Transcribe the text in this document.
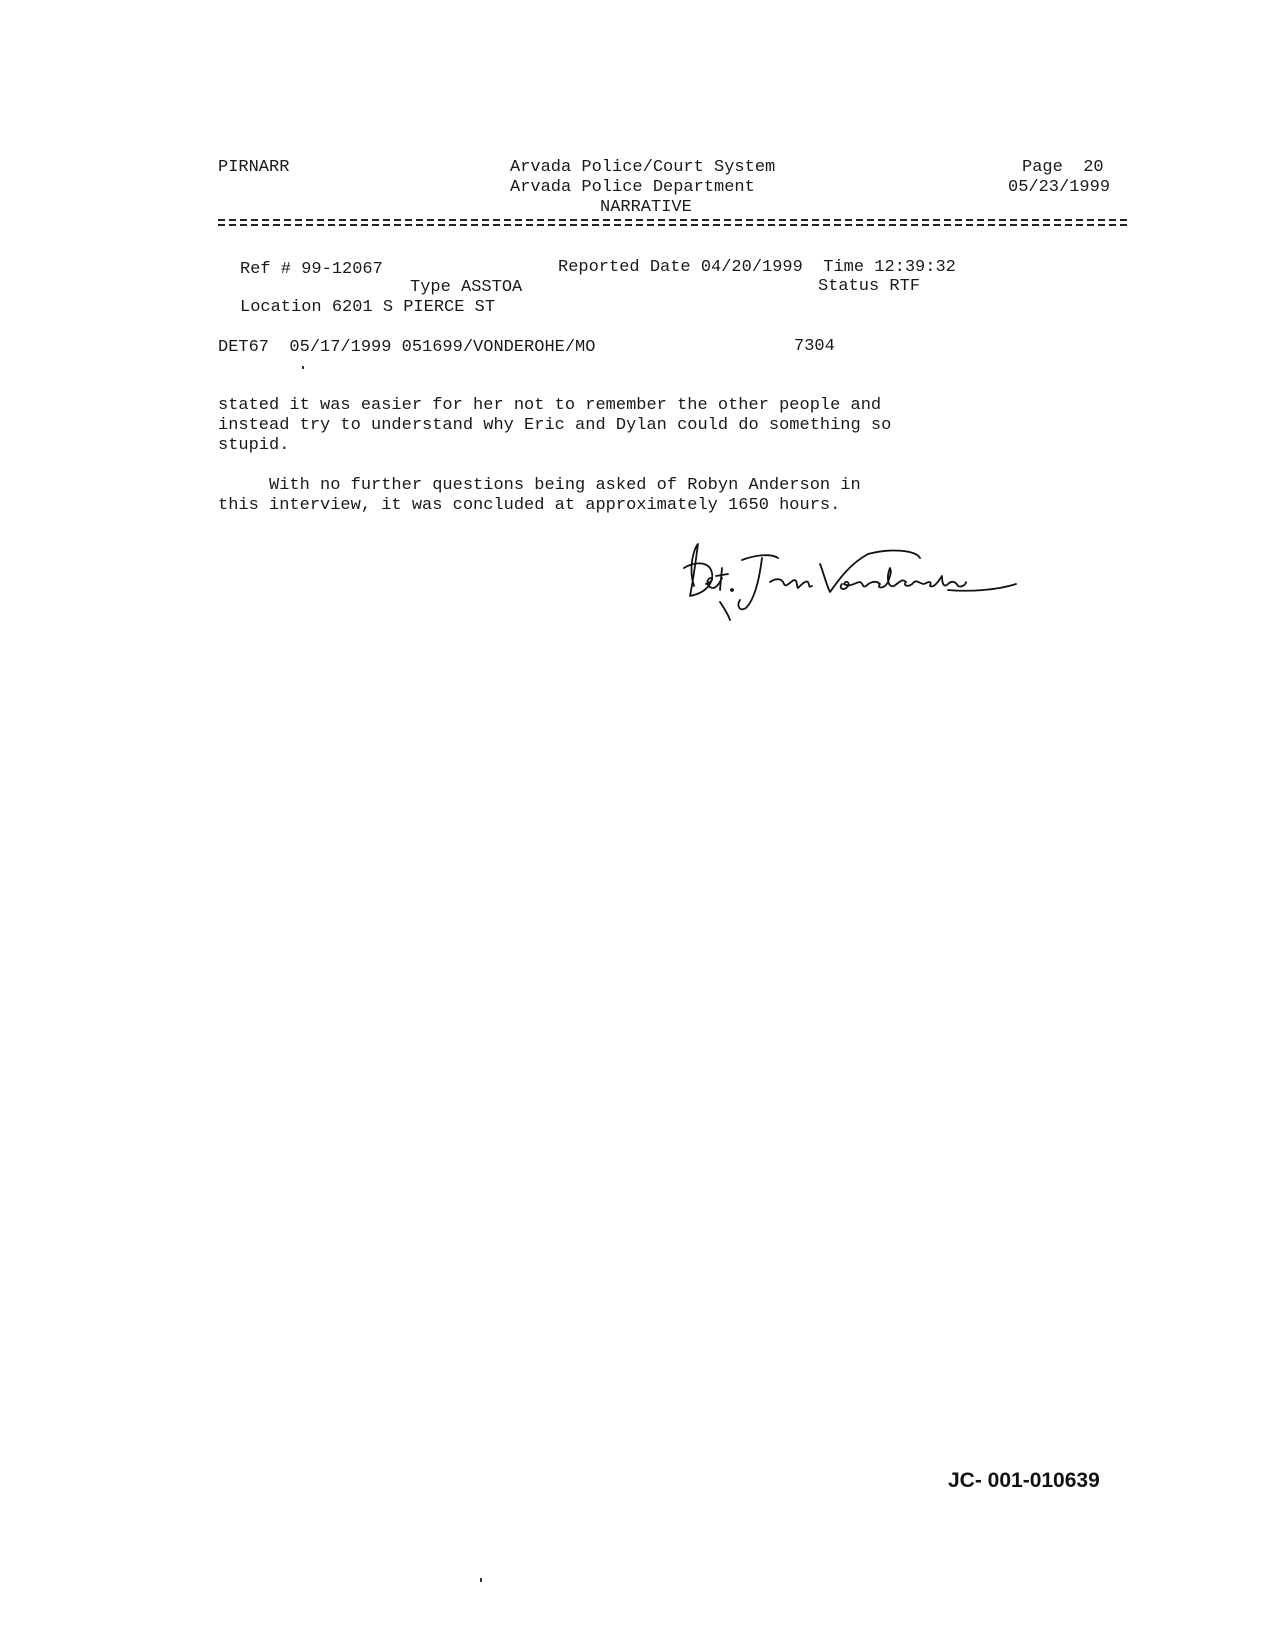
PIRNARR	Arvada Police/Court System
Arvada Police Department
NARRATIVE
Page  20
05/23/1999
Ref # 99-12067	Reported Date 04/20/1999  Time 12:39:32
Type ASSTOA	Status RTF
Location 6201 S PIERCE ST
DET67  05/17/1999 051699/VONDEROHE/MO	7304
stated it was easier for her not to remember the other people and
instead try to understand why Eric and Dylan could do something so
stupid.
With no further questions being asked of Robyn Anderson in
this interview, it was concluded at approximately 1650 hours.
JC- 001-010639
